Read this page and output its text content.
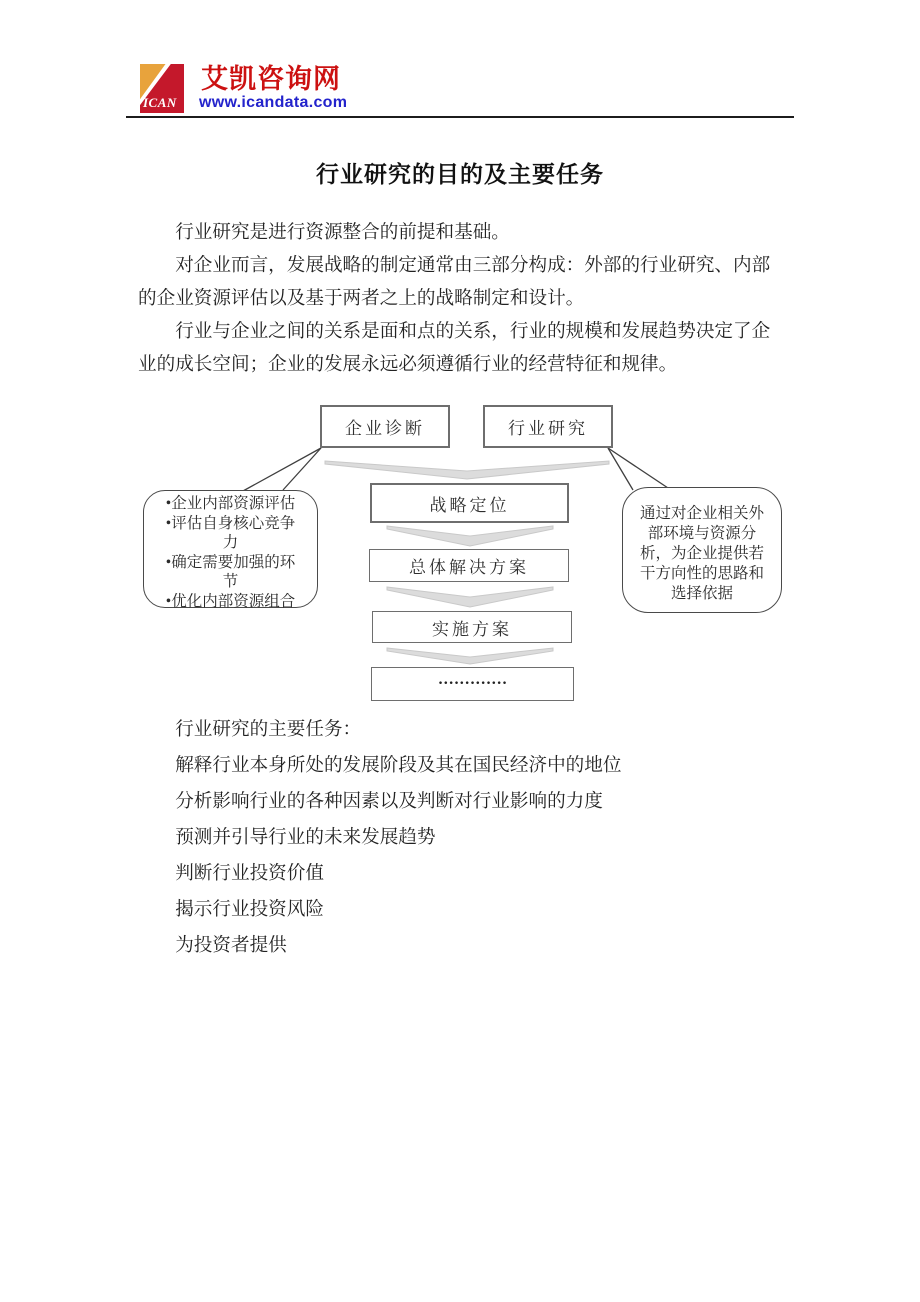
ICAN
艾凯咨询网
www.icandata.com
行业研究的目的及主要任务

行业研究是进行资源整合的前提和基础。

对企业而言，发展战略的制定通常由三部分构成：外部的行业研究、内部的企业资源评估以及基于两者之上的战略制定和设计。

行业与企业之间的关系是面和点的关系，行业的规模和发展趋势决定了企业的成长空间；企业的发展永远必须遵循行业的经营特征和规律。

企业诊断	行业研究
战略定位
总体解决方案
实施方案
·············
•企业内部资源评估
•评估自身核心竞争
力
•确定需要加强的环
节
•优化内部资源组合
通过对企业相关外
部环境与资源分
析，为企业提供若
干方向性的思路和
选择依据

行业研究的主要任务：

解释行业本身所处的发展阶段及其在国民经济中的地位

分析影响行业的各种因素以及判断对行业影响的力度

预测并引导行业的未来发展趋势

判断行业投资价值

揭示行业投资风险

为投资者提供
